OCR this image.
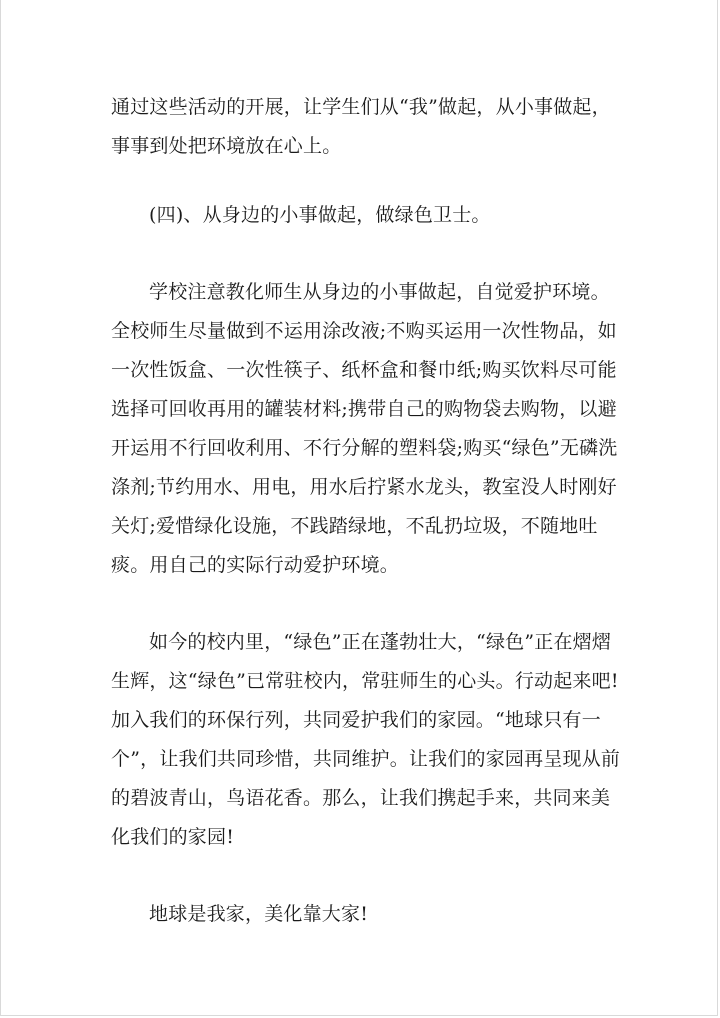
通过这些活动的开展，让学生们从“我”做起，从小事做起，事事到处把环境放在心上。

(四)、从身边的小事做起，做绿色卫士。

学校注意教化师生从身边的小事做起，自觉爱护环境。全校师生尽量做到不运用涂改液;不购买运用一次性物品，如一次性饭盒、一次性筷子、纸杯盒和餐巾纸;购买饮料尽可能选择可回收再用的罐装材料;携带自己的购物袋去购物，以避开运用不行回收利用、不行分解的塑料袋;购买“绿色”无磷洗涤剂;节约用水、用电，用水后拧紧水龙头，教室没人时刚好关灯;爱惜绿化设施，不践踏绿地，不乱扔垃圾，不随地吐痰。用自己的实际行动爱护环境。

如今的校内里，“绿色”正在蓬勃壮大，“绿色”正在熠熠生辉，这“绿色”已常驻校内，常驻师生的心头。行动起来吧!加入我们的环保行列，共同爱护我们的家园。“地球只有一个”，让我们共同珍惜，共同维护。让我们的家园再呈现从前的碧波青山，鸟语花香。那么，让我们携起手来，共同来美化我们的家园!

地球是我家，美化靠大家!
